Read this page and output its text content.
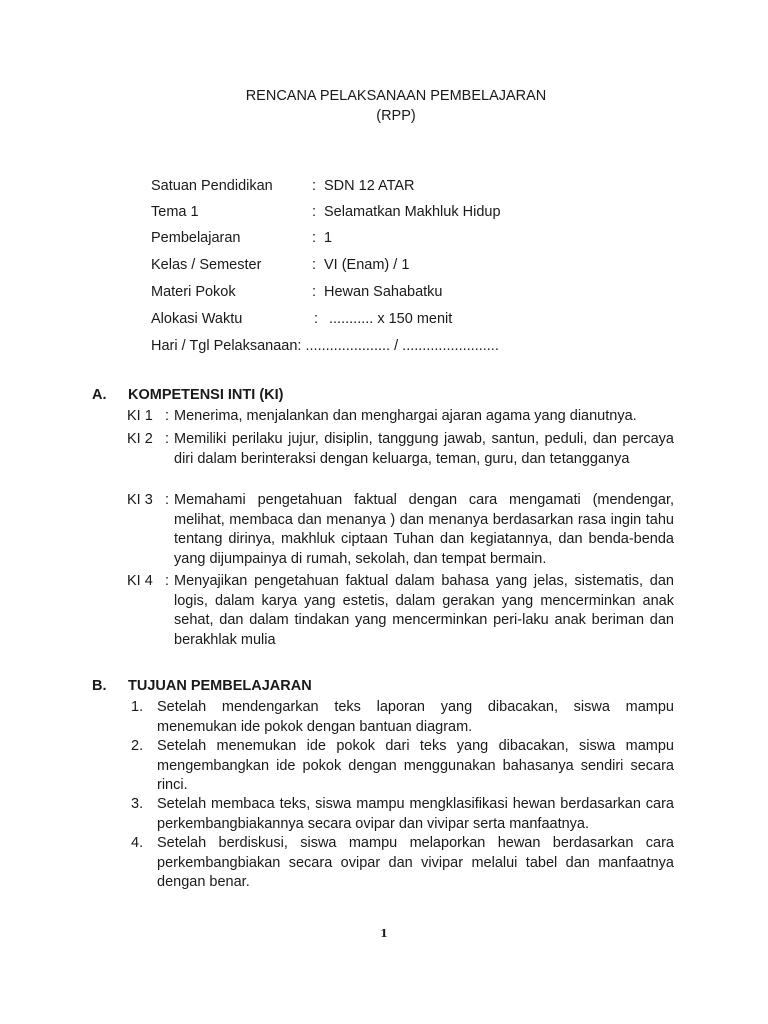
RENCANA PELAKSANAAN PEMBELAJARAN
(RPP)
Satuan Pendidikan	: SDN 12 ATAR
Tema 1	: Selamatkan Makhluk Hidup
Pembelajaran	: 1
Kelas / Semester	: VI (Enam) / 1
Materi Pokok	: Hewan Sahabatku
Alokasi Waktu	: ........... x 150 menit
Hari / Tgl Pelaksanaan: ..................... / ........................
A. KOMPETENSI INTI (KI)
KI 1 : Menerima, menjalankan dan menghargai ajaran agama yang dianutnya.
KI 2 : Memiliki perilaku jujur, disiplin, tanggung jawab, santun, peduli, dan percaya diri dalam berinteraksi dengan keluarga, teman, guru, dan tetangganya
KI 3 : Memahami pengetahuan faktual dengan cara mengamati (mendengar, melihat, membaca dan menanya ) dan menanya berdasarkan rasa ingin tahu tentang dirinya, makhluk ciptaan Tuhan dan kegiatannya, dan benda-benda yang dijumpainya di rumah, sekolah, dan tempat bermain.
KI 4 : Menyajikan pengetahuan faktual dalam bahasa yang jelas, sistematis, dan logis, dalam karya yang estetis, dalam gerakan yang mencerminkan anak sehat, dan dalam tindakan yang mencerminkan peri-laku anak beriman dan berakhlak mulia
B. TUJUAN PEMBELAJARAN
1. Setelah mendengarkan teks laporan yang dibacakan, siswa mampu menemukan ide pokok dengan bantuan diagram.
2. Setelah menemukan ide pokok dari teks yang dibacakan, siswa mampu mengembangkan ide pokok dengan menggunakan bahasanya sendiri secara rinci.
3. Setelah membaca teks, siswa mampu mengklasifikasi hewan berdasarkan cara perkembangbiakannya secara ovipar dan vivipar serta manfaatnya.
4. Setelah berdiskusi, siswa mampu melaporkan hewan berdasarkan cara perkembangbiakan secara ovipar dan vivipar melalui tabel dan manfaatnya dengan benar.
1
